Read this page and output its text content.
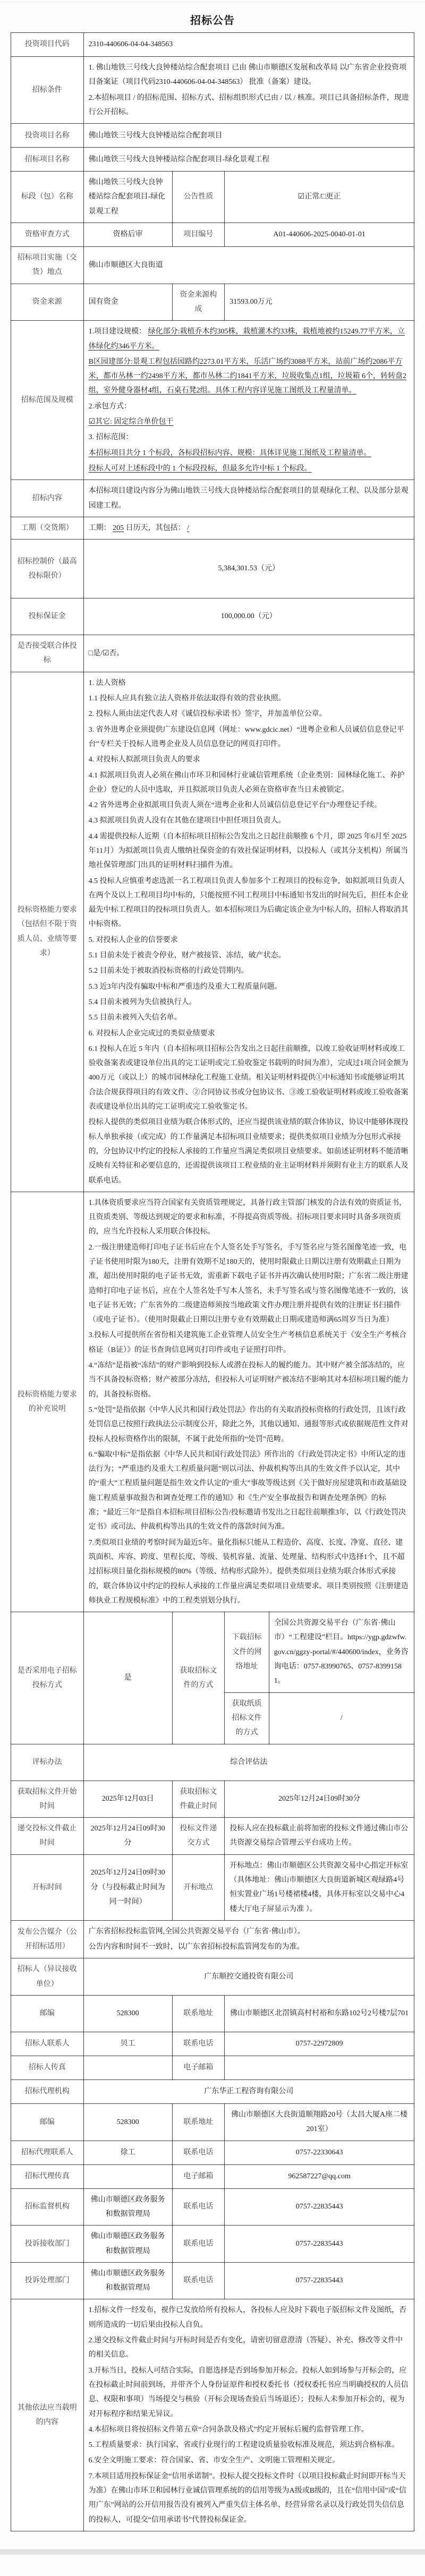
招标公告
投资项目代码	2310-440606-04-04-348563			
招标条件	1. 佛山地铁三号线大良钟楼站综合配套项目 已由 佛山市顺德区发展和改革局 以广东省企业投资项目备案证（项目代码2310-440606-04-04-348563） 批准（备案）建设。
2.本招标项目 / 的招标范围、招标方式、招标组织形式已由 / 以 / 核准。项目已具备招标条件，现进行公开招标。			

投资项目名称	佛山地铁三号线大良钟楼站综合配套项目			
招标项目名称	佛山地铁三号线大良钟楼站综合配套项目-绿化景观工程			
标段（包）名称	佛山地铁三号线大良钟楼站综合配套项目-绿化景观工程	公告性质	☑正常/□更正	
资格审查方式	资格后审	项目编号	A01-440606-2025-0040-01-01	
招标项目实施（交货）地点	佛山市顺德区大良街道			
资金来源	国有资金	资金来源构成	31593.00万元	
招标范围及规模	
1.项目建设规模： 绿化部分:栽植乔木约305株，栽植灌木约33株，栽植地被约15249.77平方米，立体绿化约346平方米。
B区园建部分:景观工程包括园路约2273.01平方米，乐活广场约3088平方米，站前广场约2086平方米，都市丛林一约2498平方米，都市丛林二约1841平方米，垃圾收集点1组，垃圾箱 6个，转转盘2组，室外健身器材4组，石桌石凳2组。具体工程内容详见施工图纸及工程量清单。
2.承包方式：
☑其它: 固定综合单价包干
3. 招标范围：
本招标项目共分 1 个标段，各标段招标内容、规模：具体详见施工图纸及工程量清单。
投标人可对上述标段中的 1 个标段投标，但最多允许中标 1 个标段。

招标内容	本招标项目建设内容分为佛山地铁三号线大良钟楼站综合配套项目的景观绿化工程、以及部分景观园建工程。			
工期（交货期）	工期： 205 日历天，其包括： /			
招标控制价（最高投标限价）	5,384,301.53（元）			
投标保证金	100,000.00（元）			
是否接受联合体投标	□是/☑否。			
投标资格能力要求（包括但不限于资质人员、业绩等要求）	
1. 法人资格
1.1 投标人应具有独立法人资格并依法取得有效的营业执照。
2. 投标人须由法定代表人对《诚信投标承诺书》签字，并加盖单位公章。
3. 省外进粤企业须提供广东建设信息网（网址：www.gdcic.net）“进粤企业和人员诚信信息登记平台”专栏关于投标人进粤企业及人员信息登记的网页打印件。
4. 对投标人拟派项目负责人的要求
4.1 拟派项目负责人必须在佛山市环卫和园林行业诚信管理系统（企业类别：园林绿化施工、养护企业）登记的人员中选取，并且拟派项目负责人必须在资格审查当日未被锁定。
4.2 省外进粤企业拟派项目负责人须在“进粤企业和人员诚信信息登记平台”办理登记手续。
4.3 拟派项目负责人没有在其他在建项目中担任项目负责人。
4.4 需提供投标人近期（自本招标项目招标公告发出之日起往前顺推 6 个月，即 2025 年6月至 2025 年11月）为拟派项目负责人缴纳社保资金的有效社保证明材料，以投标人（或其分支机构）所属当地社保管理部门出具的证明材料扫描件为准。
4.5 投标人应慎重考虑选派一名工程项目负责人参加多个工程项目的投标竞争，如拟派项目负责人在两个及以上工程项目均中标的，只能按照不同工程项目中标通知书发出的时间先后，担任本企业最先中标工程项目的投标项目负责人。如本招标项目为后确定该企业为中标人的，招标人将取消其中标资格。
5. 对投标人企业的信誉要求
5.1 目前未处于被责令停业，财产被接管、冻结，破产状态。
5.2 目前未处于被取消投标资格的行政处罚期内。
5.3 近3年内没有骗取中标和严重违约及重大工程质量问题。
5.4 目前未被列为失信被执行人。
5.5 目前未被列入失信名单。
6. 对投标人企业完成过的类似业绩要求
6.1 投标人在近 5 年内（自本招标项目招标公告发出之日起往前顺推，以竣工验收证明材料或竣工验收备案表或建设单位出具的完工证明或完工验收鉴定书载明的时间为准），完成过1项合同金额为400万元（或以上）的城市园林绿化工程施工业绩。相关证明材料提供①中标通知书或能够证明其合法合规获得项目的有效文件、②合同协议书或分包协议书、③竣工验收证明材料或竣工验收备案表或建设单位出具的完工证明或完工验收鉴定书。
投标人提供的类似项目业绩为联合体形式的，还应当提供该业绩的联合体协议，协议中能够体现投标人单独承接（或完成）的工作量满足本招标项目业绩要求；提供类似项目业绩为分包形式承接的，分包协议中约定的投标人承接的工作量应当满足类似项目业绩要求。如前述证明材料不能清晰反映有关特征和必要信息的，还需提供该项目工程业绩的业主证明材料并须附有业主方的联系人及联系电话。

投标资格能力要求的补充说明	
1.具体资质要求应当符合国家有关资质管理规定，具备行政主管部门核发的合法有效的资质证书，且资质类别、等级达到规定的要求和标准，不得提高资质等级。招标项目要求同时具备多项资质的，应当允许投标人采用联合体投标。
2.一级注册建造师打印电子证书后应在个人签名处手写签名，手写签名应与签名图像笔迹一致，电子证书使用时限为180天，注册有效期不足180天的，使用时限截止日期以注册有效期截止日期为准，超出使用时限的电子证书无效，需重新下载电子证书并再次确认使用时限；广东省二级注册建造师打印电子证书后，应在个人签名处手写本人签名，未手写签名或与签名图像笔迹不一致的，该电子证书无效；广东省外的二级建造师须按当地政策文件办理注册并提供有效的注册证书扫描件（或电子证书）。（使用时限截止日期以注册专业有效期截止日期或建造师满65周岁当日为准）
3.投标人可提供所在省份相关建筑施工企业管理人员安全生产考核信息系统关于《安全生产考核合格证（B证）》的证书查询信息网页打印件或电子证照打印件。
4.“冻结”是指被“冻结”的财产影响到投标人或潜在投标人的履约能力。其中财产被全部冻结的，应当不具备投标资格；财产被部分冻结，但投标人可证明财产被冻结不影响其对本招标项目履约能力的，具备投标资格。
5.“处罚”是指依据《中华人民共和国行政处罚法》作出的有关取消投标资格的行政处罚，且该行政处罚信息已按照行政执法公示制度公开，除此之外，其他以通知、通报等形式或依据规范性文件对投标人投标资格作出的限制，不属于此处所指的“处罚”范畴。
6.“骗取中标”是指依据《中华人民共和国行政处罚法》所作出的《行政处罚决定书》中所认定的违法行为；“严重违约及重大工程质量问题”则以司法、仲裁机构等出具的生效文件予以认定，其中的“重大”工程质量问题是指生效文件认定的“重大”事故等级达到《关于做好房屋建筑和市政基础设施工程质量事故报告和调查处理工作的通知》和《生产安全事故报告和调查处理条例》的标准；“最近三年”是指自本招标项目招标公告/投标邀请书发出之日起往前顺推3年，以《行政处罚决定书》或司法、仲裁机构等出具的生效文件的落款时间为准。
7.类似项目业绩的考察时间为最近5年。量化指标只能从工程造价、高度、长度、净宽、直径、建筑面积、库容、跨度、里程长度、等级、装机容量、流量、处理量、结构形式中选择1个，且不超过招标项目量化指标规模的80%（等级、结构形式除外）。提供类似项目业绩为联合体形式承接的，联合体协议中约定的投标人承接的工作量应满足类似项目业绩要求。项目类别按照《注册建造师执业工程规模标准》中的工程类别划分执行。

是否采用电子招标投标方式	是	获取招标文件的方式	下载招标文件的网络地址	全国公共资源交易平台（广东省·佛山市）“工程建设”栏目。https://ygp.gdzwfw.gov.cn/ggzy-portal/#/440600/index，业务咨询电话：0757-83990765、0757-83991581。
			获取纸质招标文件的方式	/
评标办法	综合评估法			
获取招标文件开始时间	2025年12月03日	获取招标文件截止时间	2025年12月24日09时30分	
递交投标文件截止时间	2025年12月24日09时30分	投标文件递交方式	投标人应在投标截止前将加密的投标文件通过佛山市公共资源交易综合管理云平台成功上传。	
开标时间	2025年12月24日09时30分（与投标截止时间为同一时间）	开标地点	开标地点：佛山市顺德区公共资源交易中心指定开标室（具体地址：佛山市顺德区大良街道新城区观绿路4号恒实置业广场1号楼裙楼4楼，具体开标室以交易中心4楼大厅电子屏显示为准 ）。	
发布公告媒介（公开招标适用）	广东省招标投标监管网,全国公共资源交易平台（广东省·佛山市）。
公告内容和时间不一致时，以广东省招标投标监管网发布的为准。			

招标人（异议接收单位）	广东顺控交通投资有限公司			
邮编	528300	联系地址	佛山市顺德区北滘镇高村村裕和东路102号2号楼7层701	
招标人联系人	贝工	联系电话	0757-22972809	
招标人传真		电子邮箱		
招标代理机构	广东华正工程咨询有限公司			
邮编	528300	联系地址	佛山市顺德区大良街道顺翔路20号（太昌大厦A座二楼201室）	
招标代理联系人	徐工	联系电话	0757-22330643	
招标代理传真		电子邮箱	962587227@qq.com	
招标监督机构	佛山市顺德区政务服务和数据管理局	联系电话	0757-22835443	
投诉接收部门	佛山市顺德区政务服务和数据管理局	联系电话	0757-22835443	
投诉处理部门	佛山市顺德区政务服务和数据管理局	联系电话	0757-22835443	
其他依法应当载明的内容	
1.招标文件一经发布，视作已发放给所有投标人，各投标人应及时下载电子版招标文件及图纸，否则所造成的一切后果由投标人自负。
2.递交投标文件截止时间与开标时间是否有变化，请密切留意澄清（答疑）、补充、修改等文件中的相关信息。
3.开标当日，投标人可结合实际，自愿选择是否到场参加开标会。投标人如到场参与开标会的，应在投标截止时间前到场，并带齐个人身份证原件和授权委托书（授权委托书应当明确授权的人员信息、权限和事项）当场提交与核验（开标会现场查验后当场退还）；投标人未参加开标会的，视为对开标程序和结果无异议。
4.本招标项目将按招标文件第五章“合同条款及格式”约定开展标后履约监督管理工作。
5.工程质量要求：执行国家、省或行业现行的工程建设质量验收标准及规范，须达到合格标准。
6.安全文明施工要求：符合国家、省、市安全生产、文明施工管理相关规定。
7.本项目适用投标保证金“信用承诺制”。投标人提交投标文件时（以项目投标截止时间即开标当天为准）在佛山市环卫和园林行业诚信管理系统的的信用等级为A级或B级的，且在“信用中国”或“信用广东”网站的公开信用报告没有被列入严重失信主体名单、经营异常名录以及行政处罚失信信息的投标人，可提交“信用承诺书”代替投标保证金。
